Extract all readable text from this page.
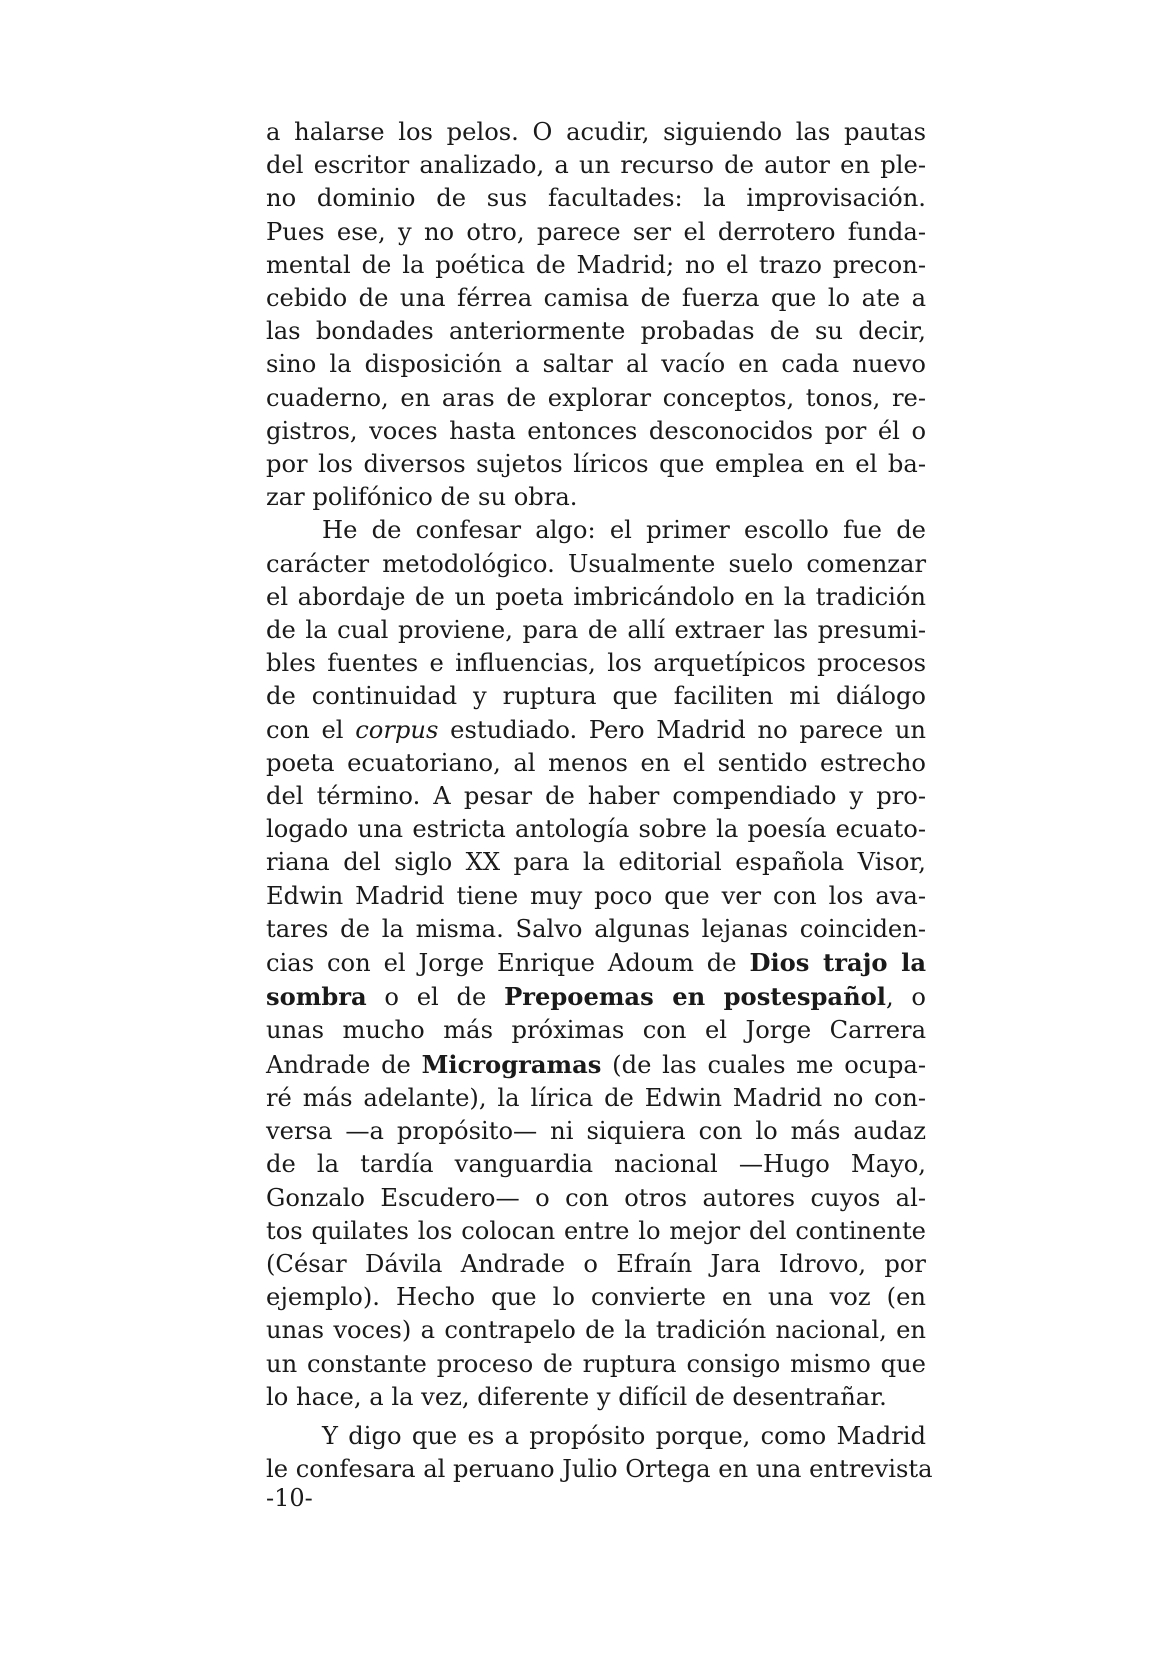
a halarse los pelos. O acudir, siguiendo las pautas
del escritor analizado, a un recurso de autor en ple-
no dominio de sus facultades: la improvisación.
Pues ese, y no otro, parece ser el derrotero funda-
mental de la poética de Madrid; no el trazo precon-
cebido de una férrea camisa de fuerza que lo ate a
las bondades anteriormente probadas de su decir,
sino la disposición a saltar al vacío en cada nuevo
cuaderno, en aras de explorar conceptos, tonos, re-
gistros, voces hasta entonces desconocidos por él o
por los diversos sujetos líricos que emplea en el ba-
zar polifónico de su obra.
He de confesar algo: el primer escollo fue de
carácter metodológico. Usualmente suelo comenzar
el abordaje de un poeta imbricándolo en la tradición
de la cual proviene, para de allí extraer las presumi-
bles fuentes e influencias, los arquetípicos procesos
de continuidad y ruptura que faciliten mi diálogo
con el corpus estudiado. Pero Madrid no parece un
poeta ecuatoriano, al menos en el sentido estrecho
del término. A pesar de haber compendiado y pro-
logado una estricta antología sobre la poesía ecuato-
riana del siglo XX para la editorial española Visor,
Edwin Madrid tiene muy poco que ver con los ava-
tares de la misma. Salvo algunas lejanas coinciden-
cias con el Jorge Enrique Adoum de Dios trajo la
sombra o el de Prepoemas en postespañol, o
unas mucho más próximas con el Jorge Carrera
Andrade de Microgramas (de las cuales me ocupa-
ré más adelante), la lírica de Edwin Madrid no con-
versa —a propósito— ni siquiera con lo más audaz
de la tardía vanguardia nacional —Hugo Mayo,
Gonzalo Escudero— o con otros autores cuyos al-
tos quilates los colocan entre lo mejor del continente
(César Dávila Andrade o Efraín Jara Idrovo, por
ejemplo). Hecho que lo convierte en una voz (en
unas voces) a contrapelo de la tradición nacional, en
un constante proceso de ruptura consigo mismo que
lo hace, a la vez, diferente y difícil de desentrañar.
Y digo que es a propósito porque, como Madrid
le confesara al peruano Julio Ortega en una entrevista
-10-
